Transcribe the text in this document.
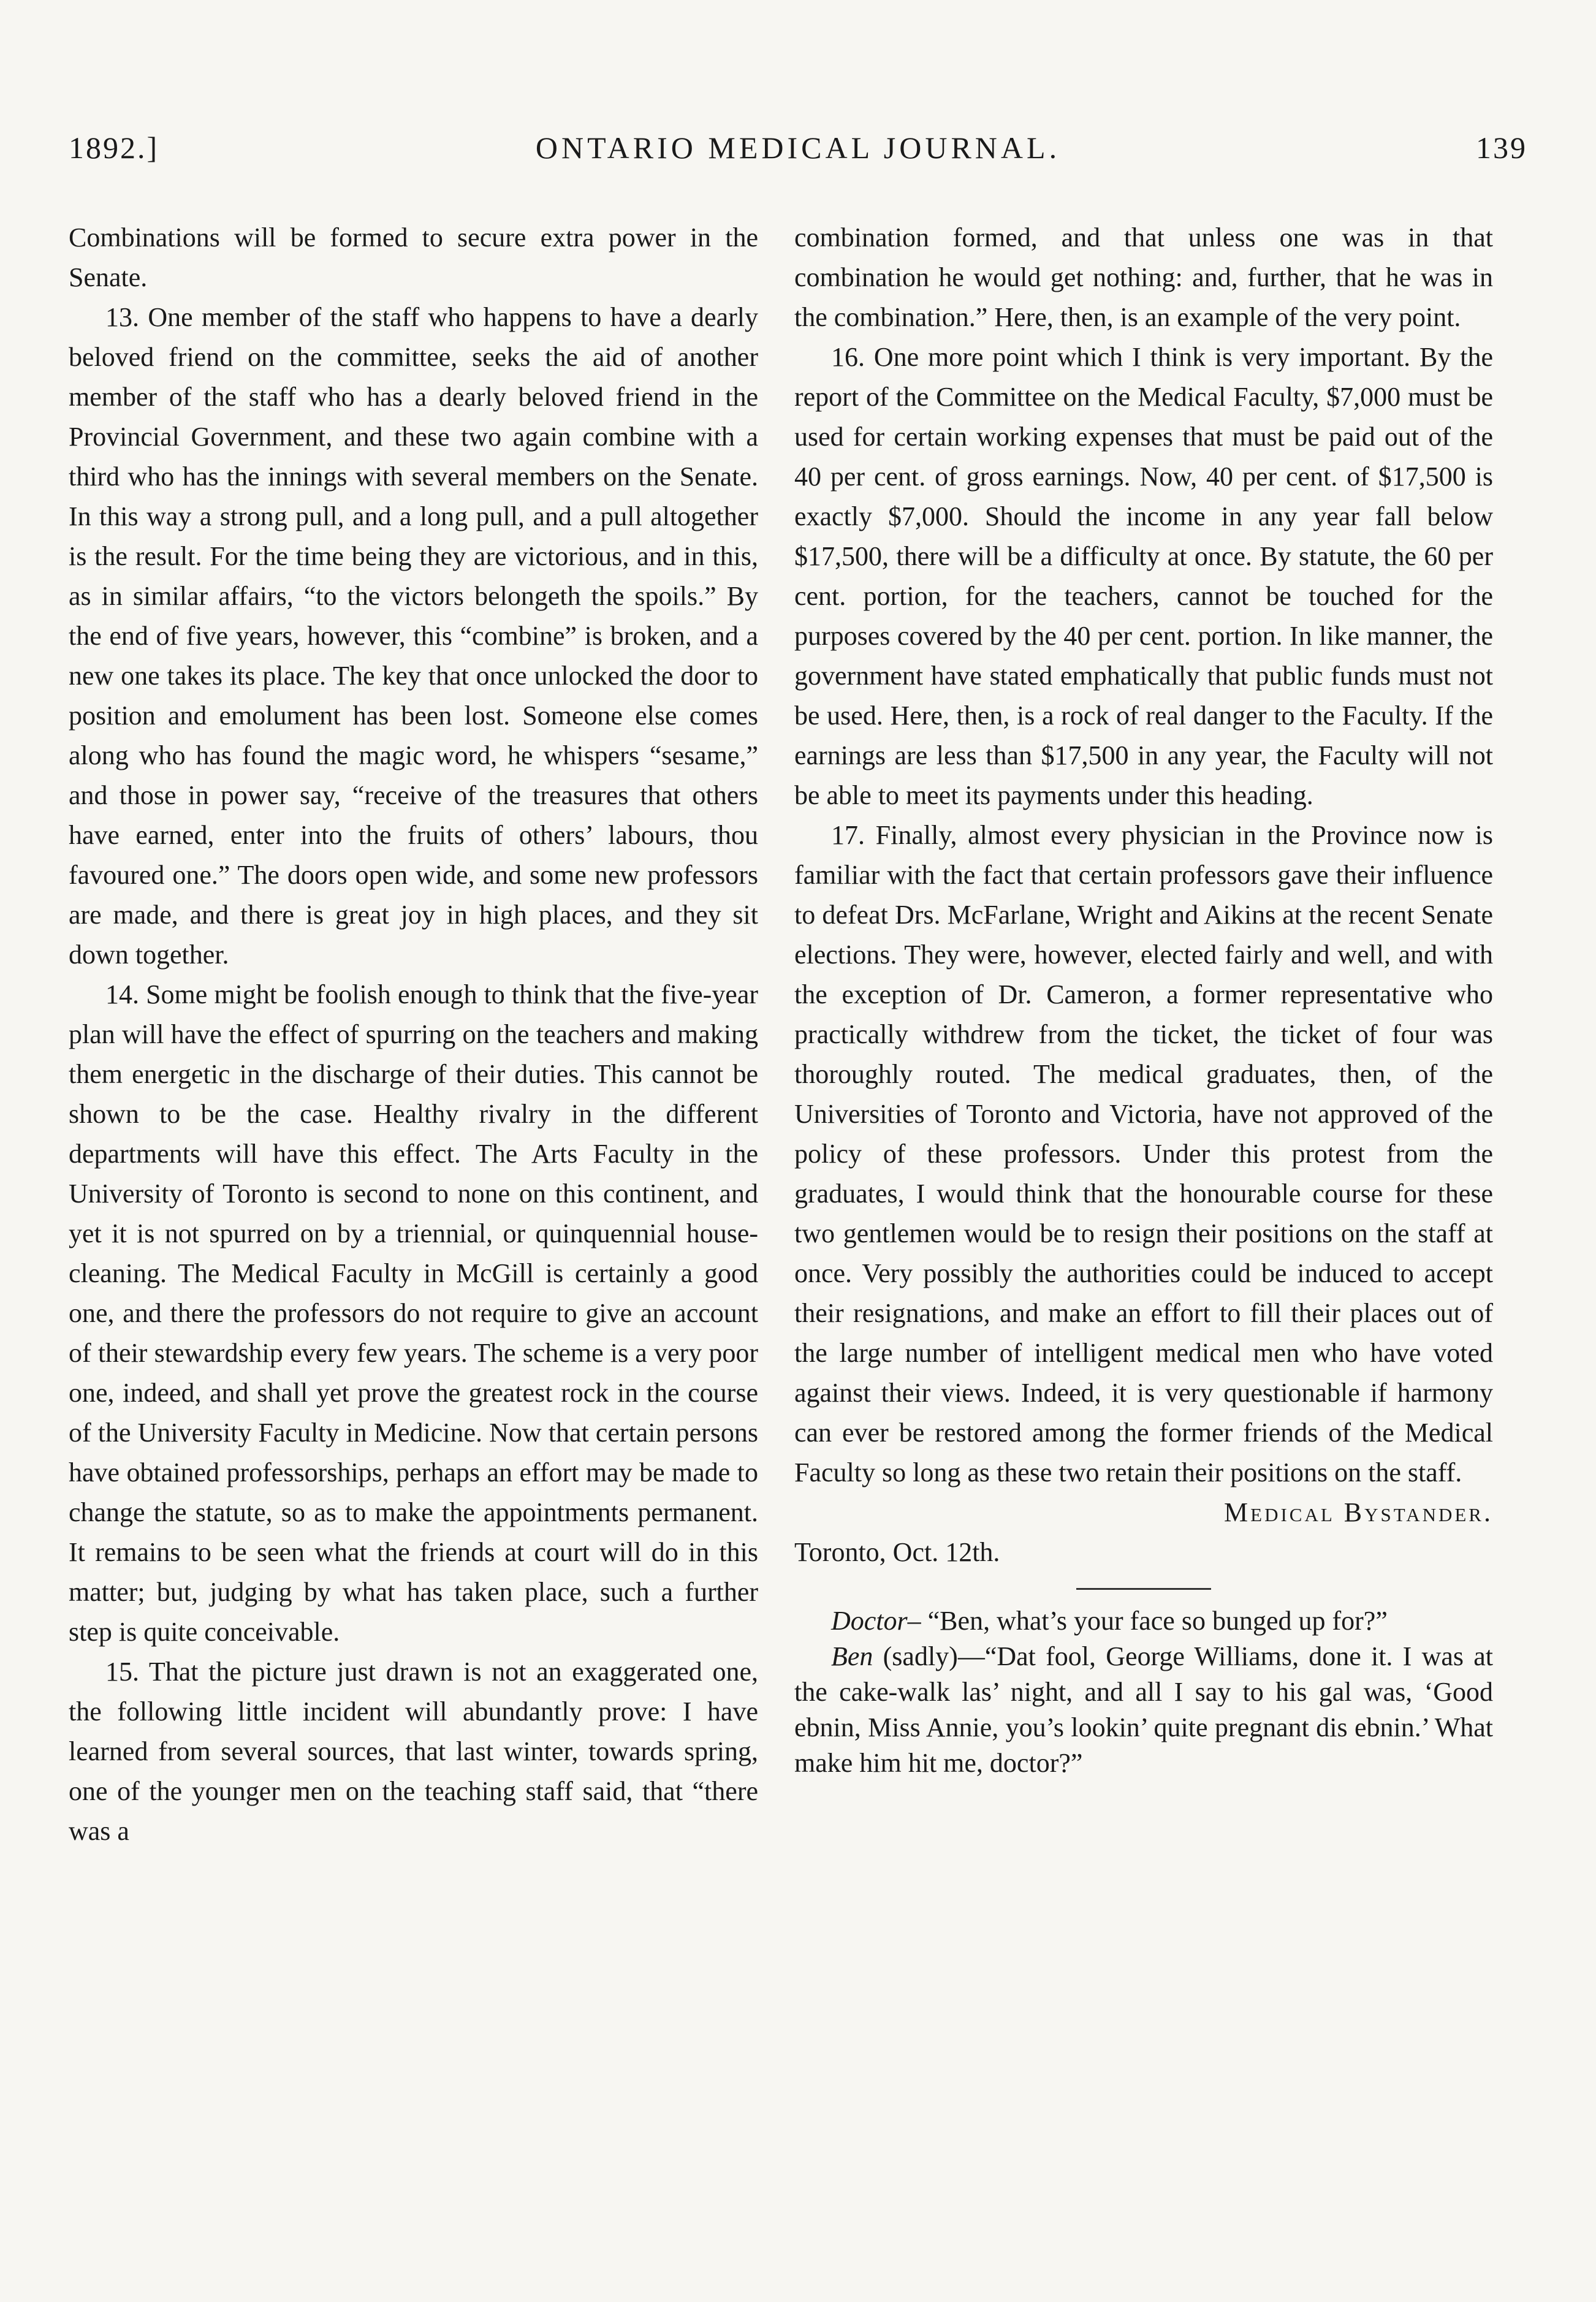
1892.]	ONTARIO MEDICAL JOURNAL.	139

Combinations will be formed to secure extra power in the Senate.

13. One member of the staff who happens to have a dearly beloved friend on the committee, seeks the aid of another member of the staff who has a dearly beloved friend in the Provincial Government, and these two again combine with a third who has the innings with several members on the Senate. In this way a strong pull, and a long pull, and a pull altogether is the result. For the time being they are victorious, and in this, as in similar affairs, “to the victors belongeth the spoils.” By the end of five years, however, this “combine” is broken, and a new one takes its place. The key that once unlocked the door to position and emolument has been lost. Someone else comes along who has found the magic word, he whispers “sesame,” and those in power say, “receive of the treasures that others have earned, enter into the fruits of others’ labours, thou favoured one.” The doors open wide, and some new professors are made, and there is great joy in high places, and they sit down together.

14. Some might be foolish enough to think that the five-year plan will have the effect of spurring on the teachers and making them energetic in the discharge of their duties. This cannot be shown to be the case. Healthy rivalry in the different departments will have this effect. The Arts Faculty in the University of Toronto is second to none on this continent, and yet it is not spurred on by a triennial, or quinquennial house-cleaning. The Medical Faculty in McGill is certainly a good one, and there the professors do not require to give an account of their stewardship every few years. The scheme is a very poor one, indeed, and shall yet prove the greatest rock in the course of the University Faculty in Medicine. Now that certain persons have obtained professorships, perhaps an effort may be made to change the statute, so as to make the appointments permanent. It remains to be seen what the friends at court will do in this matter; but, judging by what has taken place, such a further step is quite conceivable.

15. That the picture just drawn is not an exaggerated one, the following little incident will abundantly prove: I have learned from several sources, that last winter, towards spring, one of the younger men on the teaching staff said, that “there was a

combination formed, and that unless one was in that combination he would get nothing: and, further, that he was in the combination.” Here, then, is an example of the very point.

16. One more point which I think is very important. By the report of the Committee on the Medical Faculty, $7,000 must be used for certain working expenses that must be paid out of the 40 per cent. of gross earnings. Now, 40 per cent. of $17,500 is exactly $7,000. Should the income in any year fall below $17,500, there will be a difficulty at once. By statute, the 60 per cent. portion, for the teachers, cannot be touched for the purposes covered by the 40 per cent. portion. In like manner, the government have stated emphatically that public funds must not be used. Here, then, is a rock of real danger to the Faculty. If the earnings are less than $17,500 in any year, the Faculty will not be able to meet its payments under this heading.

17. Finally, almost every physician in the Province now is familiar with the fact that certain professors gave their influence to defeat Drs. McFarlane, Wright and Aikins at the recent Senate elections. They were, however, elected fairly and well, and with the exception of Dr. Cameron, a former representative who practically withdrew from the ticket, the ticket of four was thoroughly routed. The medical graduates, then, of the Universities of Toronto and Victoria, have not approved of the policy of these professors. Under this protest from the graduates, I would think that the honourable course for these two gentlemen would be to resign their positions on the staff at once. Very possibly the authorities could be induced to accept their resignations, and make an effort to fill their places out of the large number of intelligent medical men who have voted against their views. Indeed, it is very questionable if harmony can ever be restored among the former friends of the Medical Faculty so long as these two retain their positions on the staff.

Medical Bystander.

Toronto, Oct. 12th.

Doctor– “Ben, what’s your face so bunged up for?”

Ben (sadly)—“Dat fool, George Williams, done it. I was at the cake-walk las’ night, and all I say to his gal was, ‘Good ebnin, Miss Annie, you’s lookin’ quite pregnant dis ebnin.’ What make him hit me, doctor?”
